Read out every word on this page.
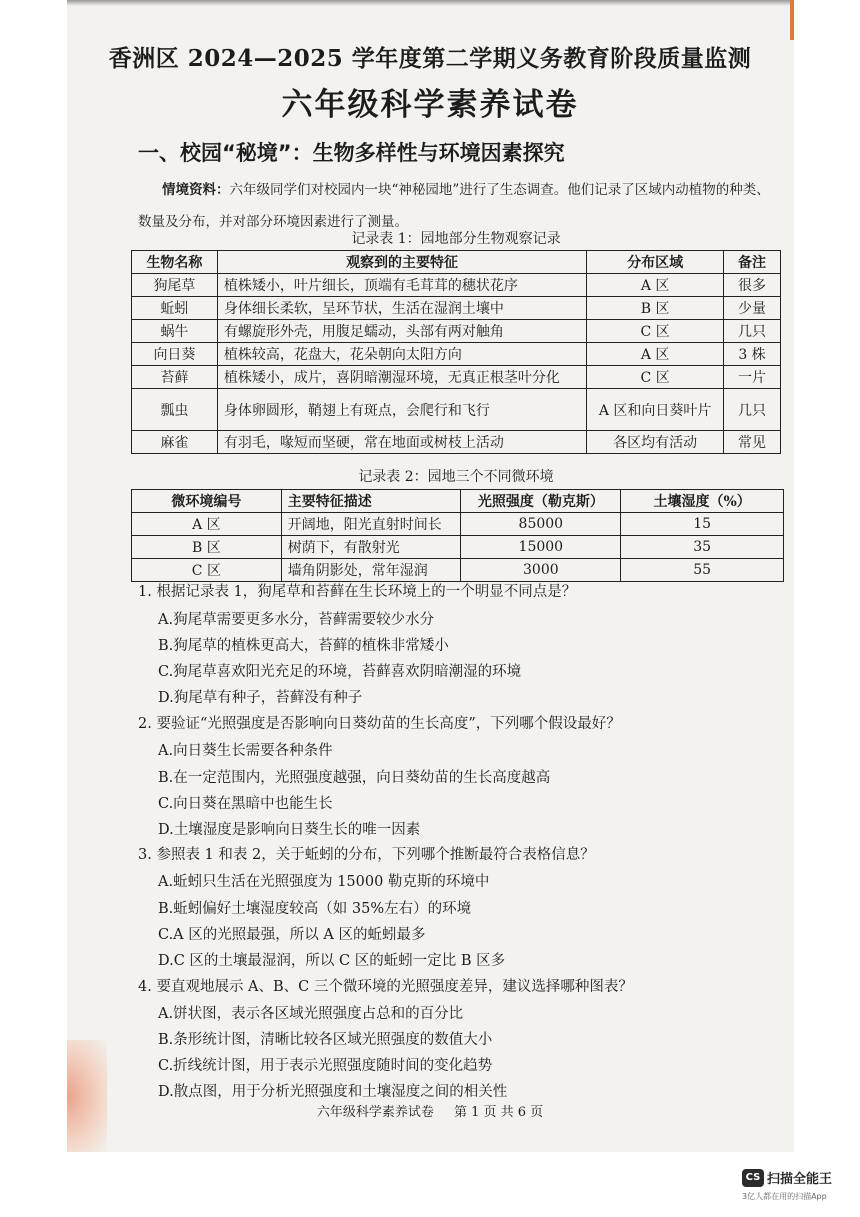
香洲区 2024—2025 学年度第二学期义务教育阶段质量监测
六年级科学素养试卷
一、校园“秘境”：生物多样性与环境因素探究
情境资料：六年级同学们对校园内一块“神秘园地”进行了生态调查。他们记录了区域内动植物的种类、数量及分布，并对部分环境因素进行了测量。
记录表 1：园地部分生物观察记录
生物名称	观察到的主要特征	分布区域	备注
狗尾草	植株矮小，叶片细长，顶端有毛茸茸的穗状花序	A 区	很多
蚯蚓	身体细长柔软，呈环节状，生活在湿润土壤中	B 区	少量
蜗牛	有螺旋形外壳，用腹足蠕动，头部有两对触角	C 区	几只
向日葵	植株较高，花盘大，花朵朝向太阳方向	A 区	3 株
苔藓	植株矮小，成片，喜阴暗潮湿环境，无真正根茎叶分化	C 区	一片
瓢虫	身体卵圆形，鞘翅上有斑点，会爬行和飞行	A 区和向日葵叶片	几只
麻雀	有羽毛，喙短而坚硬，常在地面或树枝上活动	各区均有活动	常见
记录表 2：园地三个不同微环境
微环境编号	主要特征描述	光照强度（勒克斯）	土壤湿度（%）
A 区	开阔地，阳光直射时间长	85000	15
B 区	树荫下，有散射光	15000	35
C 区	墙角阴影处，常年湿润	3000	55
1. 根据记录表 1，狗尾草和苔藓在生长环境上的一个明显不同点是？
A.狗尾草需要更多水分，苔藓需要较少水分
B.狗尾草的植株更高大，苔藓的植株非常矮小
C.狗尾草喜欢阳光充足的环境，苔藓喜欢阴暗潮湿的环境
D.狗尾草有种子，苔藓没有种子
2. 要验证“光照强度是否影响向日葵幼苗的生长高度”，下列哪个假设最好？
A.向日葵生长需要各种条件
B.在一定范围内，光照强度越强，向日葵幼苗的生长高度越高
C.向日葵在黑暗中也能生长
D.土壤湿度是影响向日葵生长的唯一因素
3. 参照表 1 和表 2，关于蚯蚓的分布，下列哪个推断最符合表格信息？
A.蚯蚓只生活在光照强度为 15000 勒克斯的环境中
B.蚯蚓偏好土壤湿度较高（如 35%左右）的环境
C.A 区的光照最强，所以 A 区的蚯蚓最多
D.C 区的土壤最湿润，所以 C 区的蚯蚓一定比 B 区多
4. 要直观地展示 A、B、C 三个微环境的光照强度差异，建议选择哪种图表？
A.饼状图，表示各区域光照强度占总和的百分比
B.条形统计图，清晰比较各区域光照强度的数值大小
C.折线统计图，用于表示光照强度随时间的变化趋势
D.散点图，用于分析光照强度和土壤湿度之间的相关性
六年级科学素养试卷 第 1 页 共 6 页
CS 扫描全能王
3亿人都在用的扫描App
